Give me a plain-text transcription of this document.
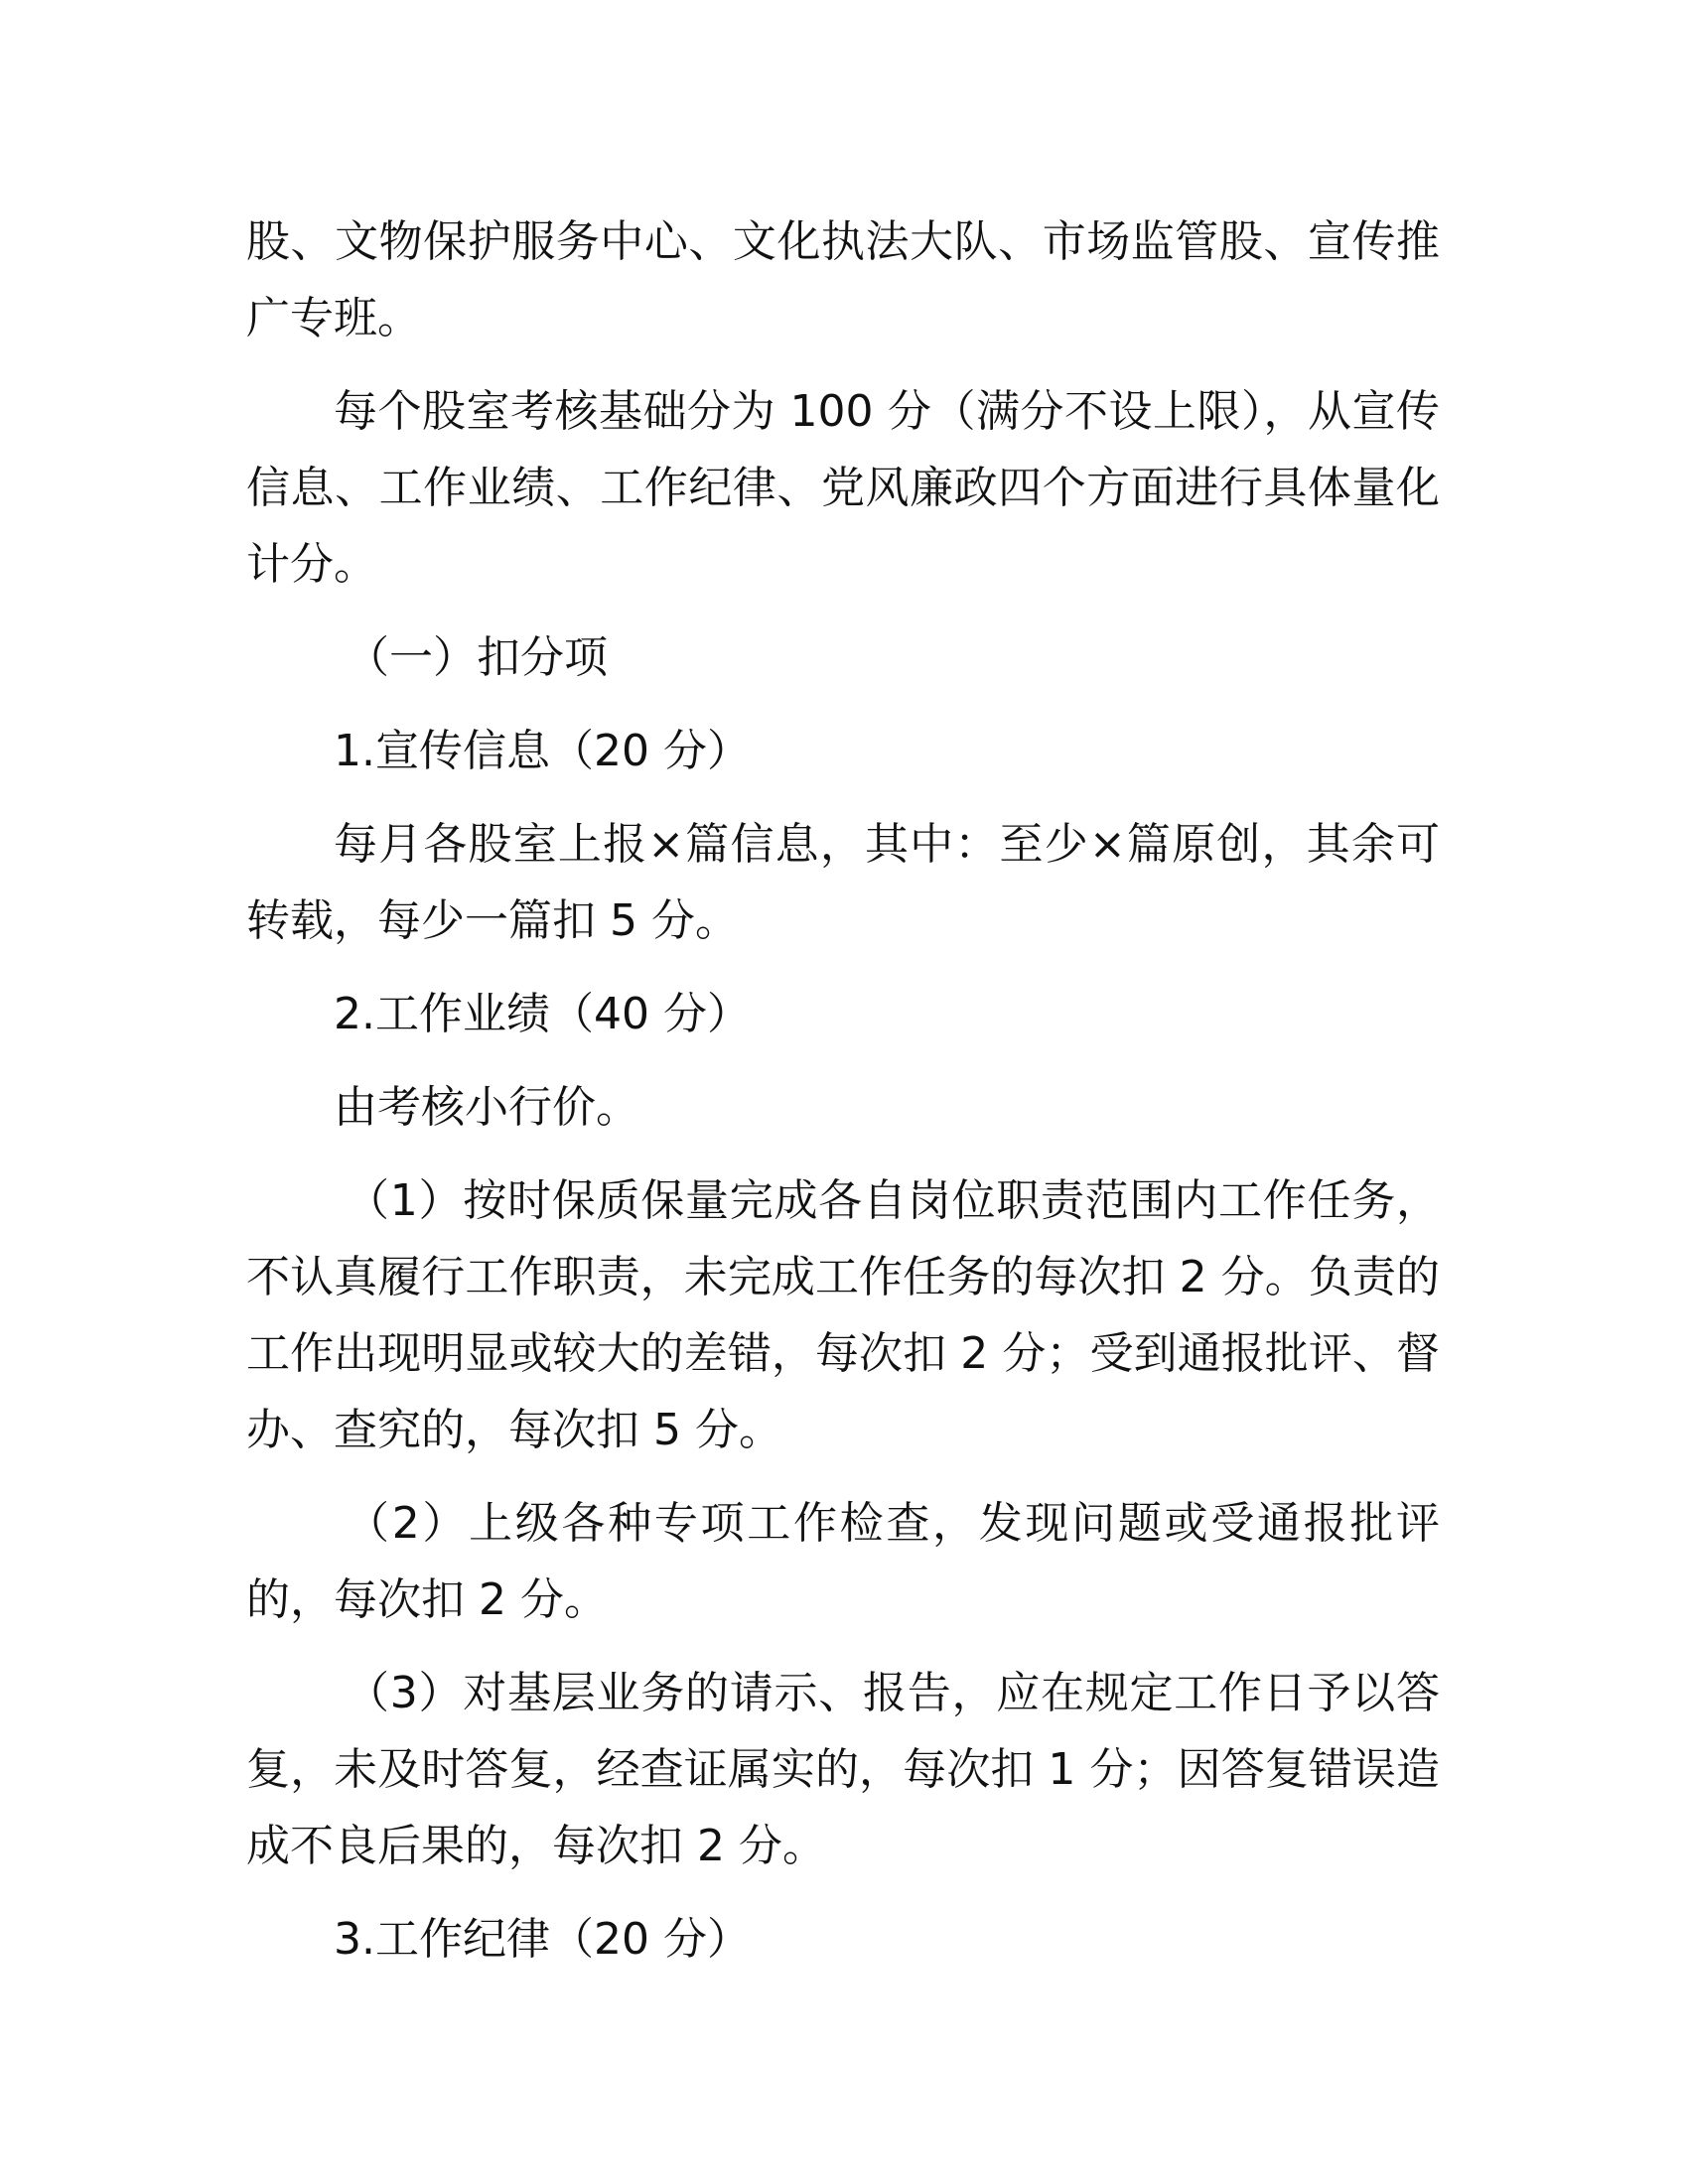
股、文物保护服务中心、文化执法大队、市场监管股、宣传推广专班。

每个股室考核基础分为 100 分（满分不设上限），从宣传信息、工作业绩、工作纪律、党风廉政四个方面进行具体量化计分。

（一）扣分项

1.宣传信息（20 分）

每月各股室上报×篇信息，其中：至少×篇原创，其余可转载，每少一篇扣 5 分。

2.工作业绩（40 分）

由考核小行价。

（1）按时保质保量完成各自岗位职责范围内工作任务，不认真履行工作职责，未完成工作任务的每次扣 2 分。负责的工作出现明显或较大的差错，每次扣 2 分；受到通报批评、督办、查究的，每次扣 5 分。

（2）上级各种专项工作检查，发现问题或受通报批评的，每次扣 2 分。

（3）对基层业务的请示、报告，应在规定工作日予以答复，未及时答复，经查证属实的，每次扣 1 分；因答复错误造成不良后果的，每次扣 2 分。

3.工作纪律（20 分）
